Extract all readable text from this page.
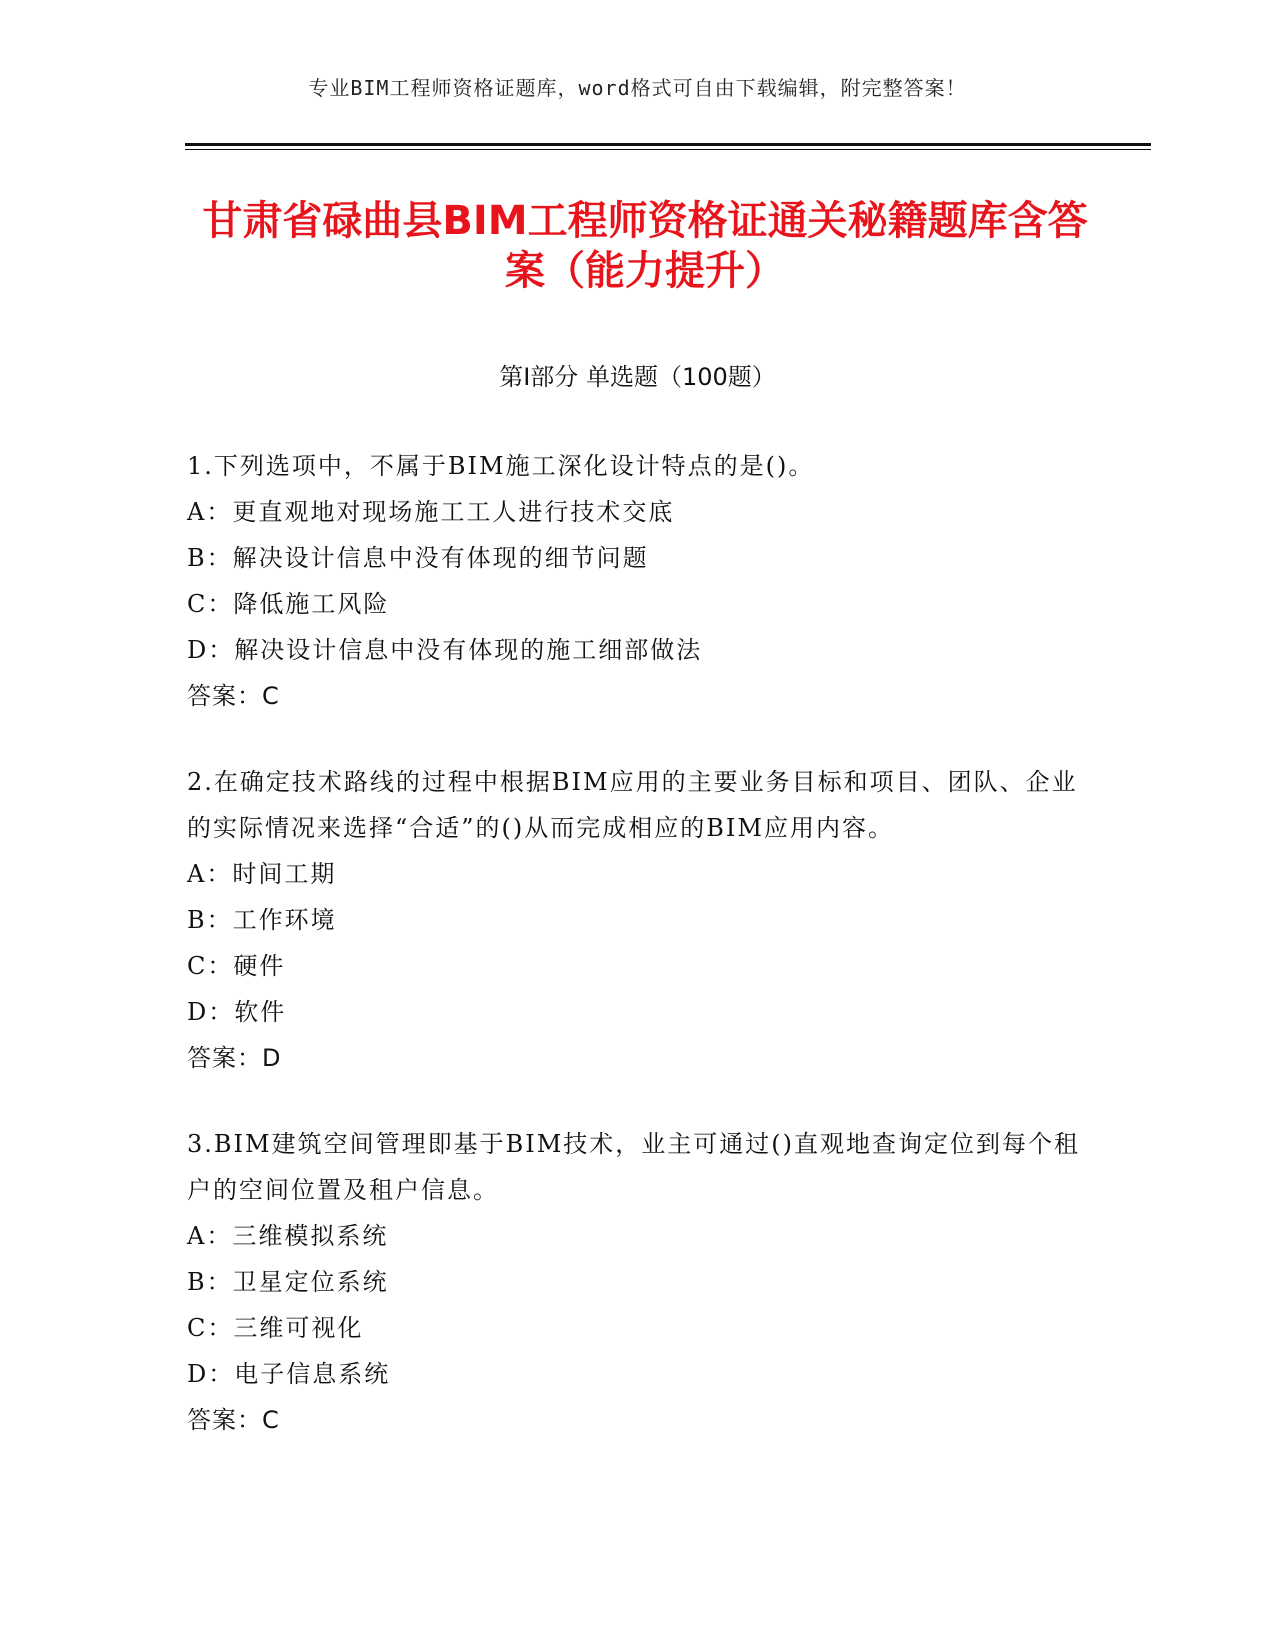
专业BIM工程师资格证题库，word格式可自由下载编辑，附完整答案！
甘肃省碌曲县BIM工程师资格证通关秘籍题库含答案（能力提升）
第I部分 单选题（100题）
1.下列选项中，不属于BIM施工深化设计特点的是()。
A：更直观地对现场施工工人进行技术交底
B：解决设计信息中没有体现的细节问题
C：降低施工风险
D：解决设计信息中没有体现的施工细部做法
答案：C
2.在确定技术路线的过程中根据BIM应用的主要业务目标和项目、团队、企业的实际情况来选择“合适”的()从而完成相应的BIM应用内容。
A：时间工期
B：工作环境
C：硬件
D：软件
答案：D
3.BIM建筑空间管理即基于BIM技术，业主可通过()直观地查询定位到每个租户的空间位置及租户信息。
A：三维模拟系统
B：卫星定位系统
C：三维可视化
D：电子信息系统
答案：C
